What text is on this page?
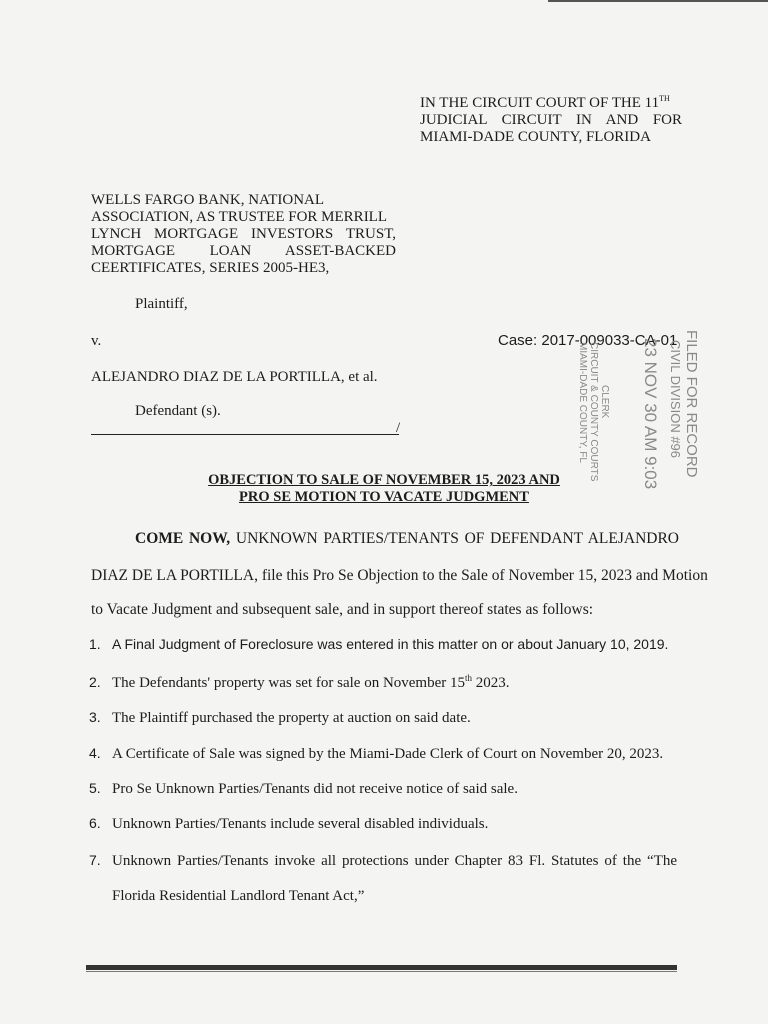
IN THE CIRCUIT COURT OF THE 11TH
JUDICIAL CIRCUIT IN AND FOR
MIAMI-DADE COUNTY, FLORIDA
WELLS FARGO BANK, NATIONAL
ASSOCIATION, AS TRUSTEE FOR MERRILL
LYNCH MORTGAGE INVESTORS TRUST,
MORTGAGE LOAN ASSET-BACKED
CEERTIFICATES, SERIES 2005-HE3,
Plaintiff,
v.
ALEJANDRO DIAZ DE LA PORTILLA, et al.
Defendant (s).
/
Case: 2017-009033-CA-01 FILED FOR RECORD
CIVIL DIVISION #96
23 NOV 30 AM 9:03
CLERK
CIRCUIT & COUNTY COURTS
MIAMI-DADE COUNTY, FL
OBJECTION TO SALE OF NOVEMBER 15, 2023 AND
PRO SE MOTION TO VACATE JUDGMENT
COME NOW, UNKNOWN PARTIES/TENANTS OF DEFENDANT ALEJANDRO
DIAZ DE LA PORTILLA, file this Pro Se Objection to the Sale of November 15, 2023 and Motion
to Vacate Judgment and subsequent sale, and in support thereof states as follows:
1. A Final Judgment of Foreclosure was entered in this matter on or about January 10, 2019.
2. The Defendants' property was set for sale on November 15th 2023.
3. The Plaintiff purchased the property at auction on said date.
4. A Certificate of Sale was signed by the Miami-Dade Clerk of Court on November 20, 2023.
5. Pro Se Unknown Parties/Tenants did not receive notice of said sale.
6. Unknown Parties/Tenants include several disabled individuals.
7. Unknown Parties/Tenants invoke all protections under Chapter 83 Fl. Statutes of the “The
Florida Residential Landlord Tenant Act,”
